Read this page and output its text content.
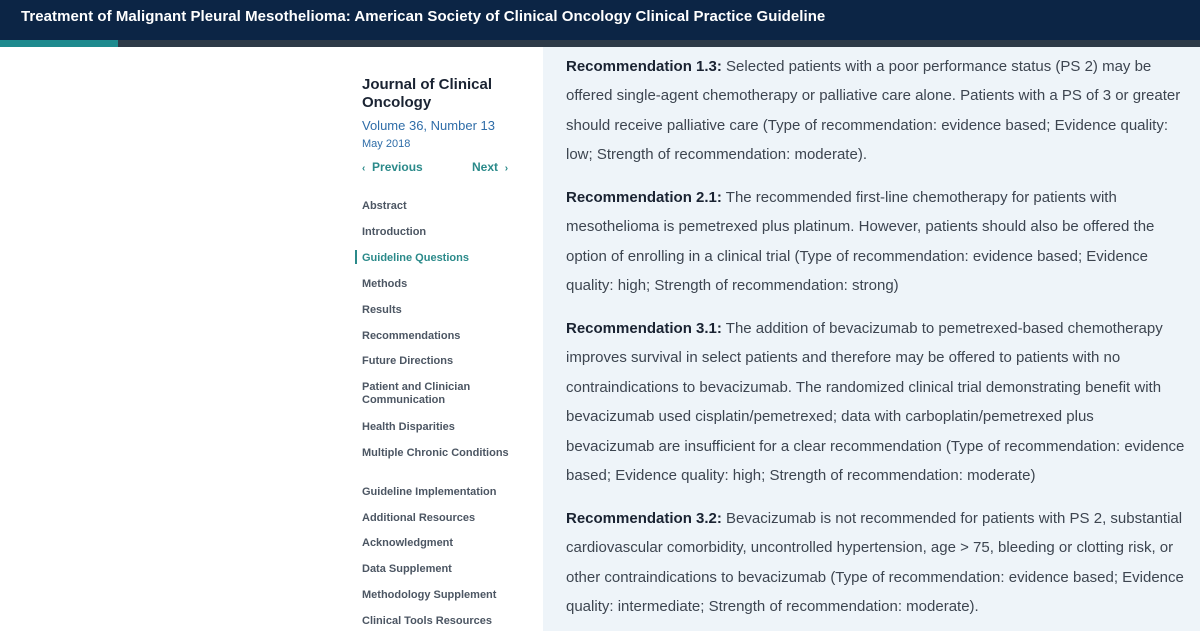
Treatment of Malignant Pleural Mesothelioma: American Society of Clinical Oncology Clinical Practice Guideline
Journal of Clinical Oncology
Volume 36, Number 13
May 2018
‹ Previous	Next ›
Abstract
Introduction
Guideline Questions
Methods
Results
Recommendations
Future Directions
Patient and Clinician Communication
Health Disparities
Multiple Chronic Conditions
Guideline Implementation
Additional Resources
Acknowledgment
Data Supplement
Methodology Supplement
Clinical Tools Resources
Recommendation 1.3: Selected patients with a poor performance status (PS 2) may be offered single-agent chemotherapy or palliative care alone. Patients with a PS of 3 or greater should receive palliative care (Type of recommendation: evidence based; Evidence quality: low; Strength of recommendation: moderate).
Recommendation 2.1: The recommended first-line chemotherapy for patients with mesothelioma is pemetrexed plus platinum. However, patients should also be offered the option of enrolling in a clinical trial (Type of recommendation: evidence based; Evidence quality: high; Strength of recommendation: strong)
Recommendation 3.1: The addition of bevacizumab to pemetrexed-based chemotherapy improves survival in select patients and therefore may be offered to patients with no contraindications to bevacizumab. The randomized clinical trial demonstrating benefit with bevacizumab used cisplatin/pemetrexed; data with carboplatin/pemetrexed plus bevacizumab are insufficient for a clear recommendation (Type of recommendation: evidence based; Evidence quality: high; Strength of recommendation: moderate)
Recommendation 3.2: Bevacizumab is not recommended for patients with PS 2, substantial cardiovascular comorbidity, uncontrolled hypertension, age > 75, bleeding or clotting risk, or other contraindications to bevacizumab (Type of recommendation: evidence based; Evidence quality: intermediate; Strength of recommendation: moderate).
